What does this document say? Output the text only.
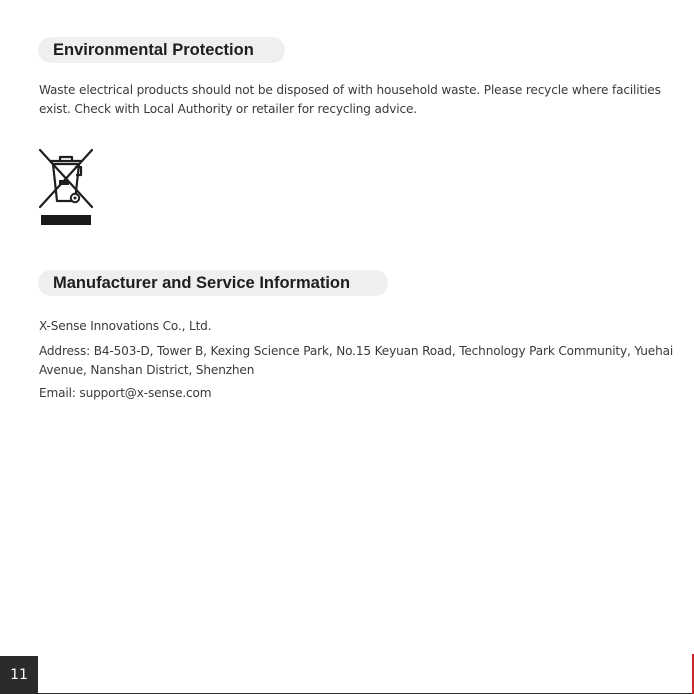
Environmental Protection

Waste electrical products should not be disposed of with household waste. Please recycle where facilities exist. Check with Local Authority or retailer for recycling advice.

Manufacturer and Service Information

X-Sense Innovations Co., Ltd.

Address: B4-503-D, Tower B, Kexing Science Park, No.15 Keyuan Road, Technology Park Community, Yuehai Avenue, Nanshan District, Shenzhen

Email: support@x-sense.com

11
